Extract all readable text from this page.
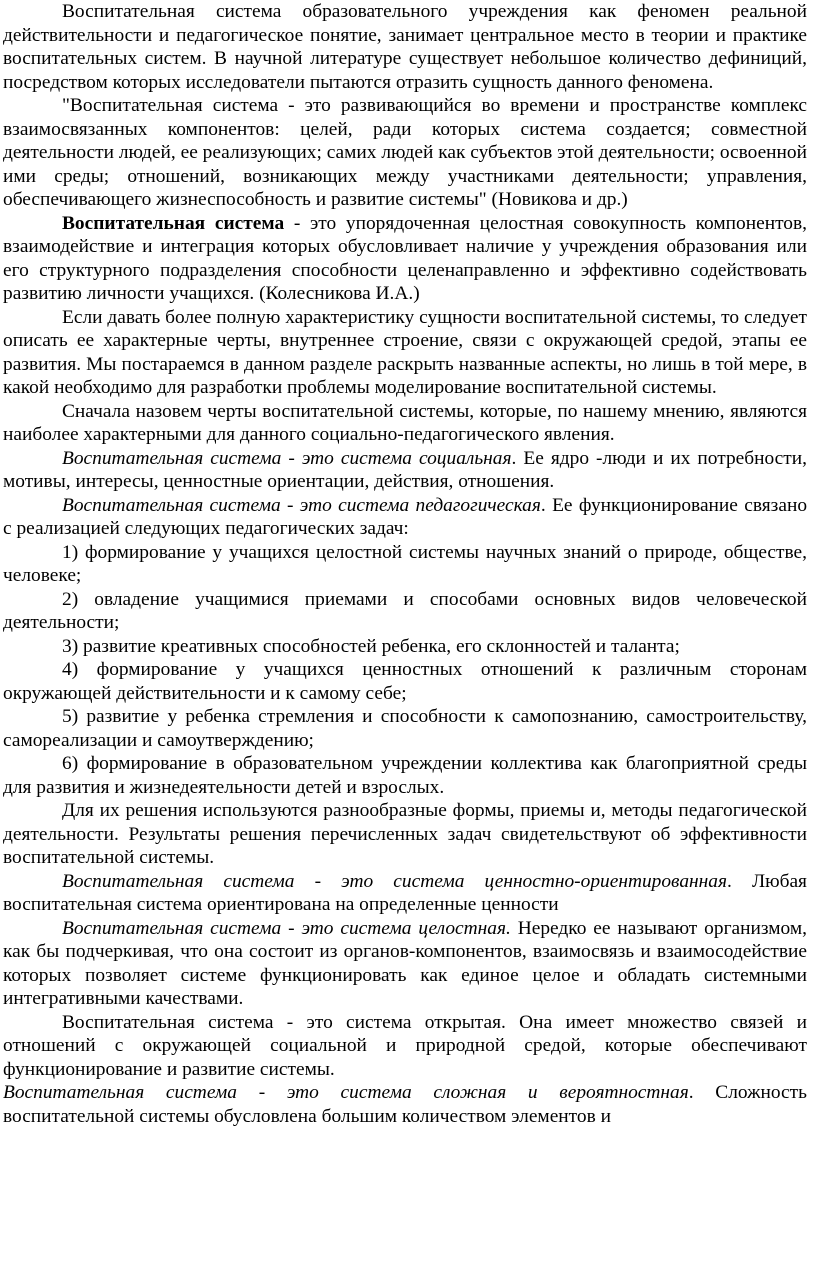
Воспитательная система образовательного учреждения как феномен реальной действительности и педагогическое понятие, занимает центральное место в теории и практике воспитательных систем. В научной литературе существует небольшое количество дефиниций, посредством которых исследователи пытаются отразить сущность данного феномена.

"Воспитательная система - это развивающийся во времени и пространстве комплекс взаимосвязанных компонентов: целей, ради которых система создается; совместной деятельности людей, ее реализующих; самих людей как субъектов этой деятельности; освоенной ими среды; отношений, возникающих между участниками деятельности; управления, обеспечивающего жизнеспособность и развитие системы" (Новикова и др.)

Воспитательная система - это упорядоченная целостная совокупность компонентов, взаимодействие и интеграция которых обусловливает наличие у учреждения образования или его структурного подразделения способности целенаправленно и эффективно содействовать развитию личности учащихся. (Колесникова И.А.)

Если давать более полную характеристику сущности воспитательной системы, то следует описать ее характерные черты, внутреннее строение, связи с окружающей средой, этапы ее развития. Мы постараемся в данном разделе раскрыть названные аспекты, но лишь в той мере, в какой необходимо для разработки проблемы моделирование воспитательной системы.

Сначала назовем черты воспитательной системы, которые, по нашему мнению, являются наиболее характерными для данного социально-педагогического явления.

Воспитательная система - это система социальная. Ее ядро -люди и их потребности, мотивы, интересы, ценностные ориентации, действия, отношения.

Воспитательная система - это система педагогическая. Ее функционирование связано с реализацией следующих педагогических задач:

1) формирование у учащихся целостной системы научных знаний о природе, обществе, человеке;

2) овладение учащимися приемами и способами основных видов человеческой деятельности;

3) развитие креативных способностей ребенка, его склонностей и таланта;

4) формирование у учащихся ценностных отношений к различным сторонам окружающей действительности и к самому себе;

5) развитие у ребенка стремления и способности к самопознанию, самостроительству, самореализации и самоутверждению;

6) формирование в образовательном учреждении коллектива как благоприятной среды для развития и жизнедеятельности детей и взрослых.

Для их решения используются разнообразные формы, приемы и, методы педагогической деятельности. Результаты решения перечисленных задач свидетельствуют об эффективности воспитательной системы.

Воспитательная система - это система ценностно-ориентированная. Любая воспитательная система ориентирована на определенные ценности

Воспитательная система - это система целостная. Нередко ее называют организмом, как бы подчеркивая, что она состоит из органов-компонентов, взаимосвязь и взаимосодействие которых позволяет системе функционировать как единое целое и обладать системными интегративными качествами.

Воспитательная система - это система открытая. Она имеет множество связей и отношений с окружающей социальной и природной средой, которые обеспечивают функционирование и развитие системы.

Воспитательная система - это система сложная и вероятностная. Сложность воспитательной системы обусловлена большим количеством элементов и
